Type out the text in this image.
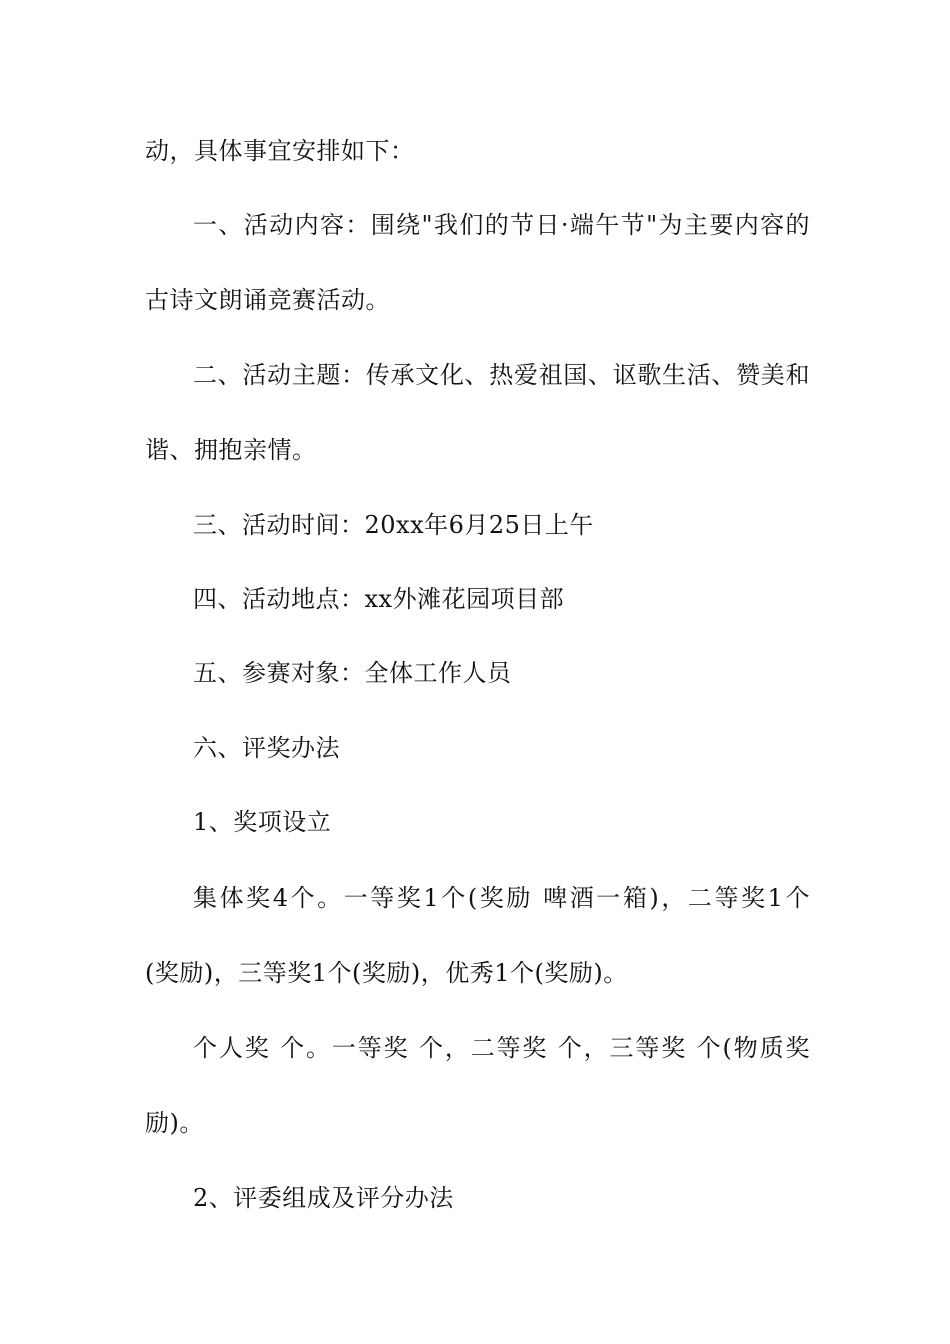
动，具体事宜安排如下：
一、活动内容：围绕"我们的节日·端午节"为主要内容的
古诗文朗诵竞赛活动。
二、活动主题：传承文化、热爱祖国、讴歌生活、赞美和
谐、拥抱亲情。
三、活动时间：20xx年6月25日上午
四、活动地点：xx外滩花园项目部
五、参赛对象：全体工作人员
六、评奖办法
1、奖项设立
集体奖4个。一等奖1个(奖励 啤酒一箱)，二等奖1个
(奖励)，三等奖1个(奖励)，优秀1个(奖励)。
个人奖 个。一等奖 个，二等奖 个，三等奖 个(物质奖
励)。
2、评委组成及评分办法
